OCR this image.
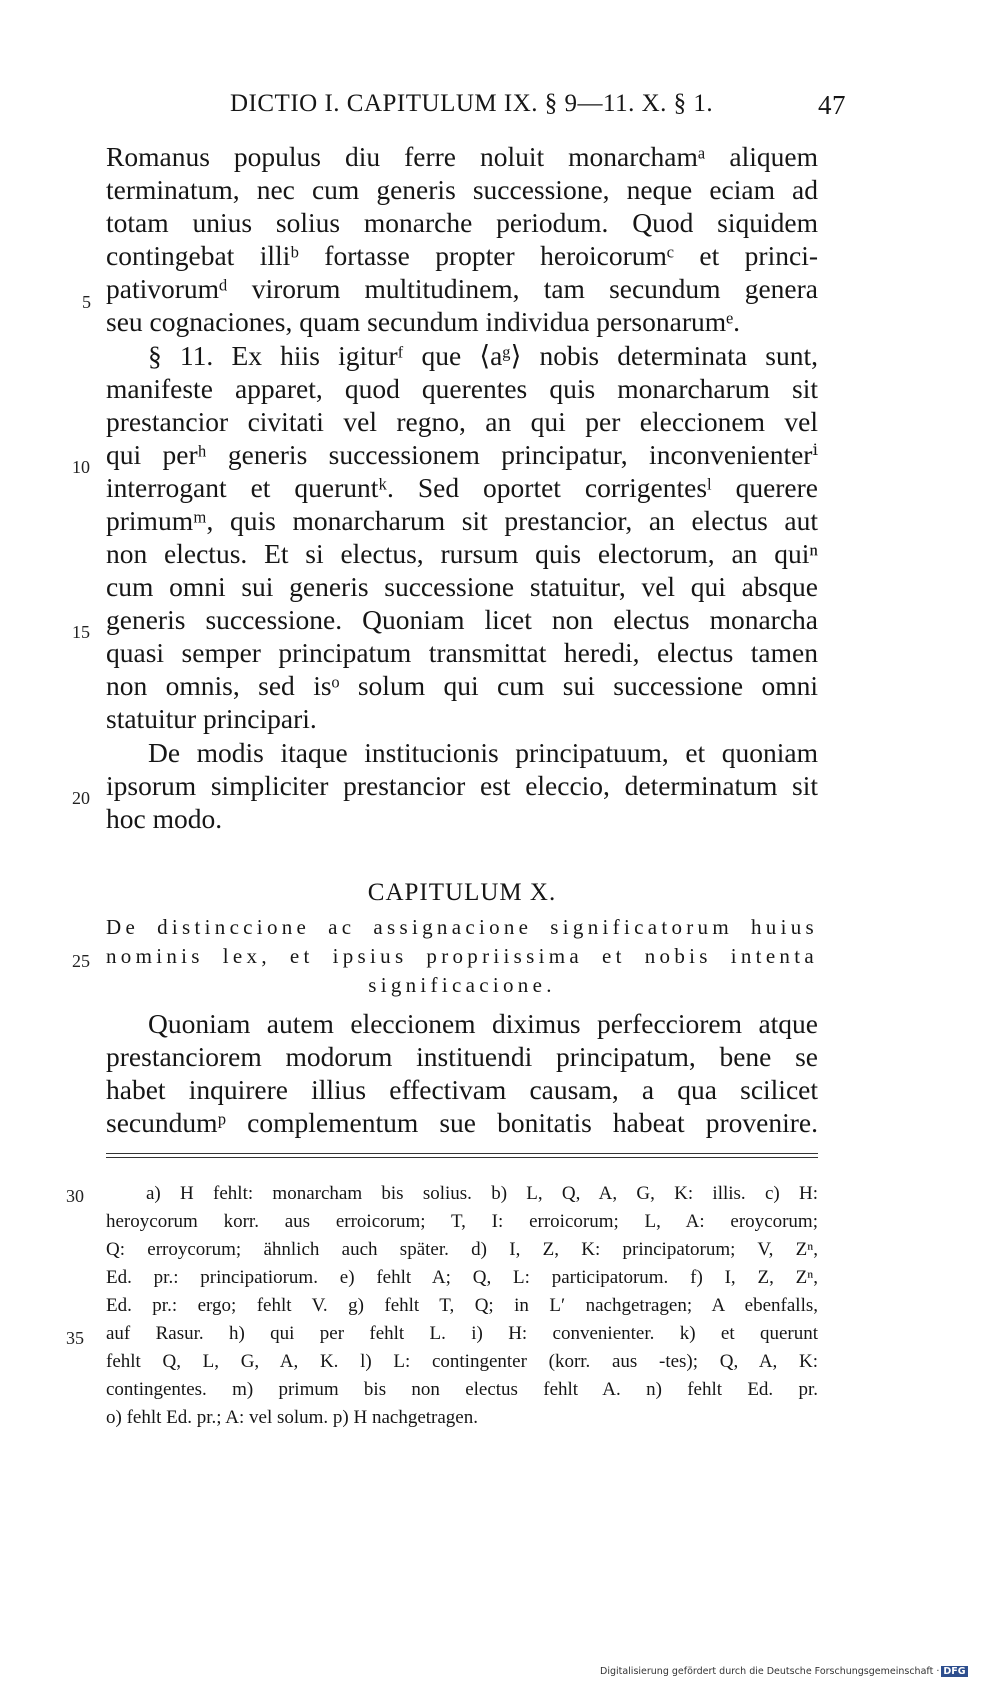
DICTIO I. CAPITULUM IX. § 9—11. X. § 1.	47
Romanus populus diu ferre noluit monarchamᵃ aliquem
terminatum, nec cum generis successione, neque eciam ad
totam unius solius monarche periodum. Quod siquidem
contingebat illiᵇ fortasse propter heroicorumᶜ et princi-
pativorumᵈ virorum multitudinem, tam secundum genera
seu cognaciones, quam secundum individua personarumᵉ.
§ 11. Ex hiis igiturᶠ que ⟨aᵍ⟩ nobis determinata sunt,
manifeste apparet, quod querentes quis monarcharum sit
prestancior civitati vel regno, an qui per eleccionem vel
qui perʰ generis successionem principatur, inconvenienterⁱ
interrogant et queruntᵏ. Sed oportet corrigentesˡ querere
primumᵐ, quis monarcharum sit prestancior, an electus aut
non electus. Et si electus, rursum quis electorum, an quiⁿ
cum omni sui generis successione statuitur, vel qui absque
generis successione. Quoniam licet non electus monarcha
quasi semper principatum transmittat heredi, electus tamen
non omnis, sed isᵒ solum qui cum sui successione omni
statuitur principari.
De modis itaque institucionis principatuum, et quoniam
ipsorum simpliciter prestancior est eleccio, determinatum sit
hoc modo.
5
10
15
20
25
30
35
CAPITULUM X.
De distinccione ac assignacione significatorum huius
nominis lex, et ipsius propriissima et nobis intenta
significacione.
Quoniam autem eleccionem diximus perfecciorem atque
prestanciorem modorum instituendi principatum, bene se
habet inquirere illius effectivam causam, a qua scilicet
secundumᵖ complementum sue bonitatis habeat provenire.
a) H fehlt: monarcham bis solius. b) L, Q, A, G, K: illis. c) H:
heroycorum korr. aus erroicorum; T, I: erroicorum; L, A: eroycorum;
Q: erroycorum; ähnlich auch später. d) I, Z, K: principatorum; V, Zⁿ,
Ed. pr.: principatiorum. e) fehlt A; Q, L: participatorum. f) I, Z, Zⁿ,
Ed. pr.: ergo; fehlt V. g) fehlt T, Q; in L′ nachgetragen; A ebenfalls,
auf Rasur. h) qui per fehlt L. i) H: convenienter. k) et querunt
fehlt Q, L, G, A, K. l) L: contingenter (korr. aus -tes); Q, A, K:
contingentes. m) primum bis non electus fehlt A. n) fehlt Ed. pr.
o) fehlt Ed. pr.; A: vel solum. p) H nachgetragen.
Digitalisierung gefördert durch die Deutsche Forschungsgemeinschaft · DFG
